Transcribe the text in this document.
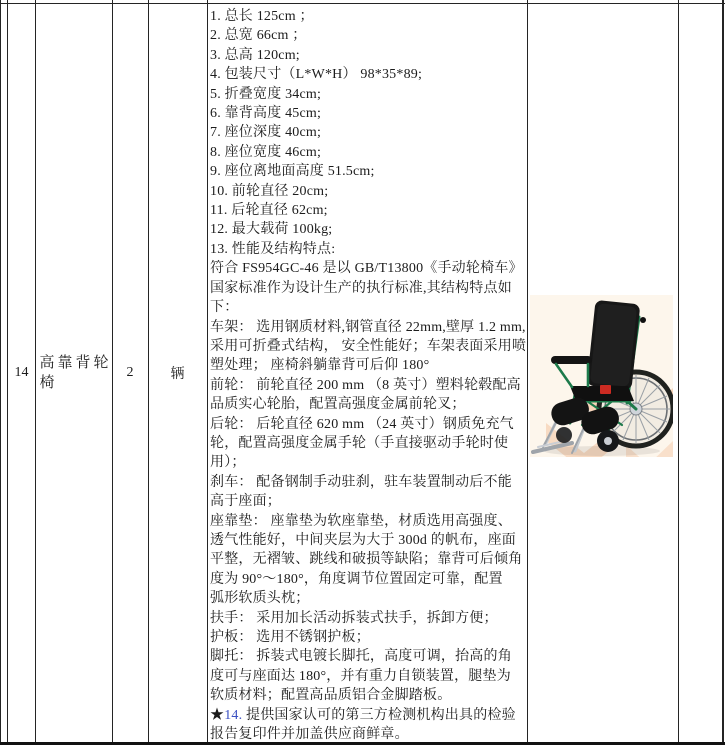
14
高靠背轮椅
2	辆
1. 总长 125cm ；
2. 总宽 66cm ；
3. 总高 120cm;
4. 包装尺寸（L*W*H） 98*35*89;
5. 折叠宽度 34cm;
6. 靠背高度 45cm;
7. 座位深度 40cm;
8. 座位宽度 46cm;
9. 座位离地面高度 51.5cm;
10. 前轮直径 20cm;
11. 后轮直径 62cm;
12. 最大载荷 100kg;
13. 性能及结构特点:
符合 FS954GC-46 是以 GB/T13800《手动轮椅车》
国家标准作为设计生产的执行标准,其结构特点如
下：
车架： 选用钢质材料,钢管直径 22mm,壁厚 1.2 mm,
采用可折叠式结构， 安全性能好；车架表面采用喷
塑处理； 座椅斜躺靠背可后仰 180°
前轮： 前轮直径 200 mm （8 英寸）塑料轮毂配高
品质实心轮胎，配置高强度金属前轮叉；
后轮： 后轮直径 620 mm （24 英寸）钢质免充气
轮，配置高强度金属手轮（手直接驱动手轮时使
用）；
刹车： 配备钢制手动驻刹，驻车装置制动后不能
高于座面；
座靠垫： 座靠垫为软座靠垫，材质选用高强度、
透气性能好，中间夹层为大于 300d 的帆布，座面
平整，无褶皱、跳线和破损等缺陷；靠背可后倾角
度为 90°～180°，角度调节位置固定可靠，配置
弧形软质头枕；
扶手： 采用加长活动拆装式扶手，拆卸方便；
护板： 选用不锈钢护板；
脚托： 拆装式电镀长脚托，高度可调，抬高的角
度可与座面达 180°，并有重力自锁装置，腿垫为
软质材料；配置高品质铝合金脚踏板。
★14. 提供国家认可的第三方检测机构出具的检验
报告复印件并加盖供应商鲜章。
